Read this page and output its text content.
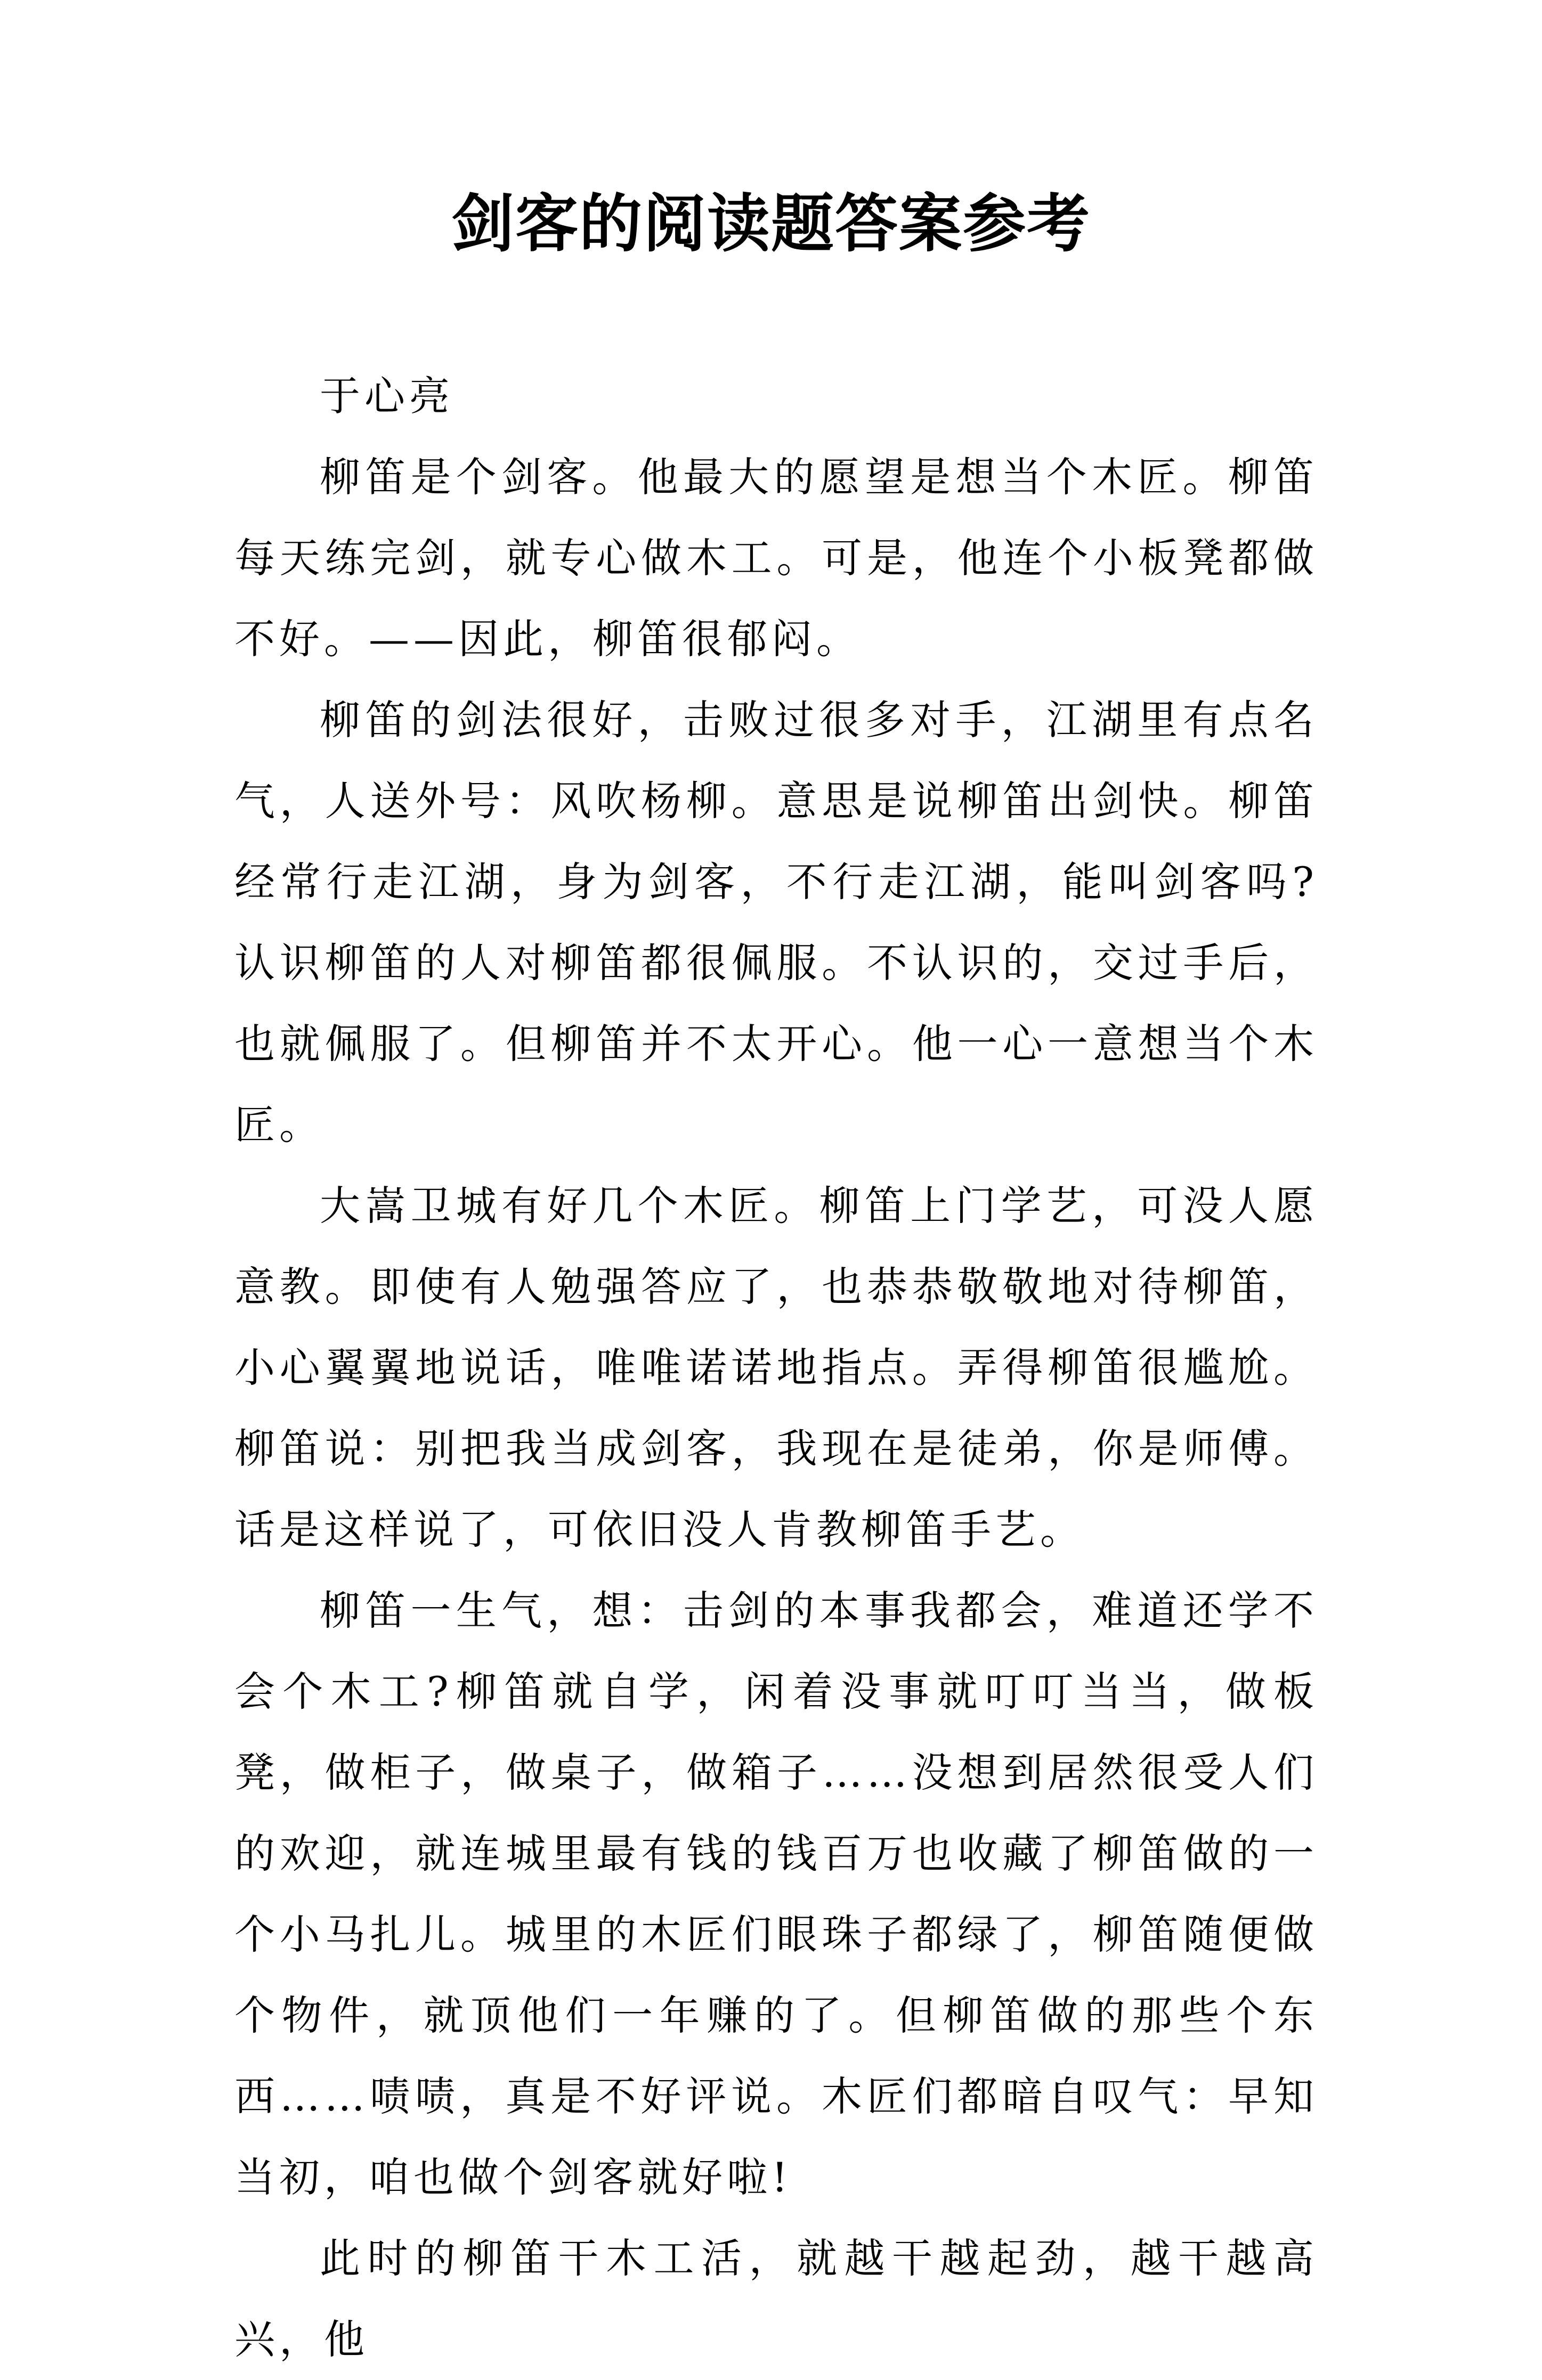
剑客的阅读题答案参考

于心亮

柳笛是个剑客。他最大的愿望是想当个木匠。柳笛每天练完剑，就专心做木工。可是，他连个小板凳都做不好。——因此，柳笛很郁闷。

柳笛的剑法很好，击败过很多对手，江湖里有点名气，人送外号：风吹杨柳。意思是说柳笛出剑快。柳笛经常行走江湖，身为剑客，不行走江湖，能叫剑客吗?认识柳笛的人对柳笛都很佩服。不认识的，交过手后，也就佩服了。但柳笛并不太开心。他一心一意想当个木匠。

大嵩卫城有好几个木匠。柳笛上门学艺，可没人愿意教。即使有人勉强答应了，也恭恭敬敬地对待柳笛，小心翼翼地说话，唯唯诺诺地指点。弄得柳笛很尴尬。柳笛说：别把我当成剑客，我现在是徒弟，你是师傅。话是这样说了，可依旧没人肯教柳笛手艺。

柳笛一生气，想：击剑的本事我都会，难道还学不会个木工?柳笛就自学，闲着没事就叮叮当当，做板凳，做柜子，做桌子，做箱子……没想到居然很受人们的欢迎，就连城里最有钱的钱百万也收藏了柳笛做的一个小马扎儿。城里的木匠们眼珠子都绿了，柳笛随便做个物件，就顶他们一年赚的了。但柳笛做的那些个东西……啧啧，真是不好评说。木匠们都暗自叹气：早知当初，咱也做个剑客就好啦!

此时的柳笛干木工活，就越干越起劲，越干越高兴，他
